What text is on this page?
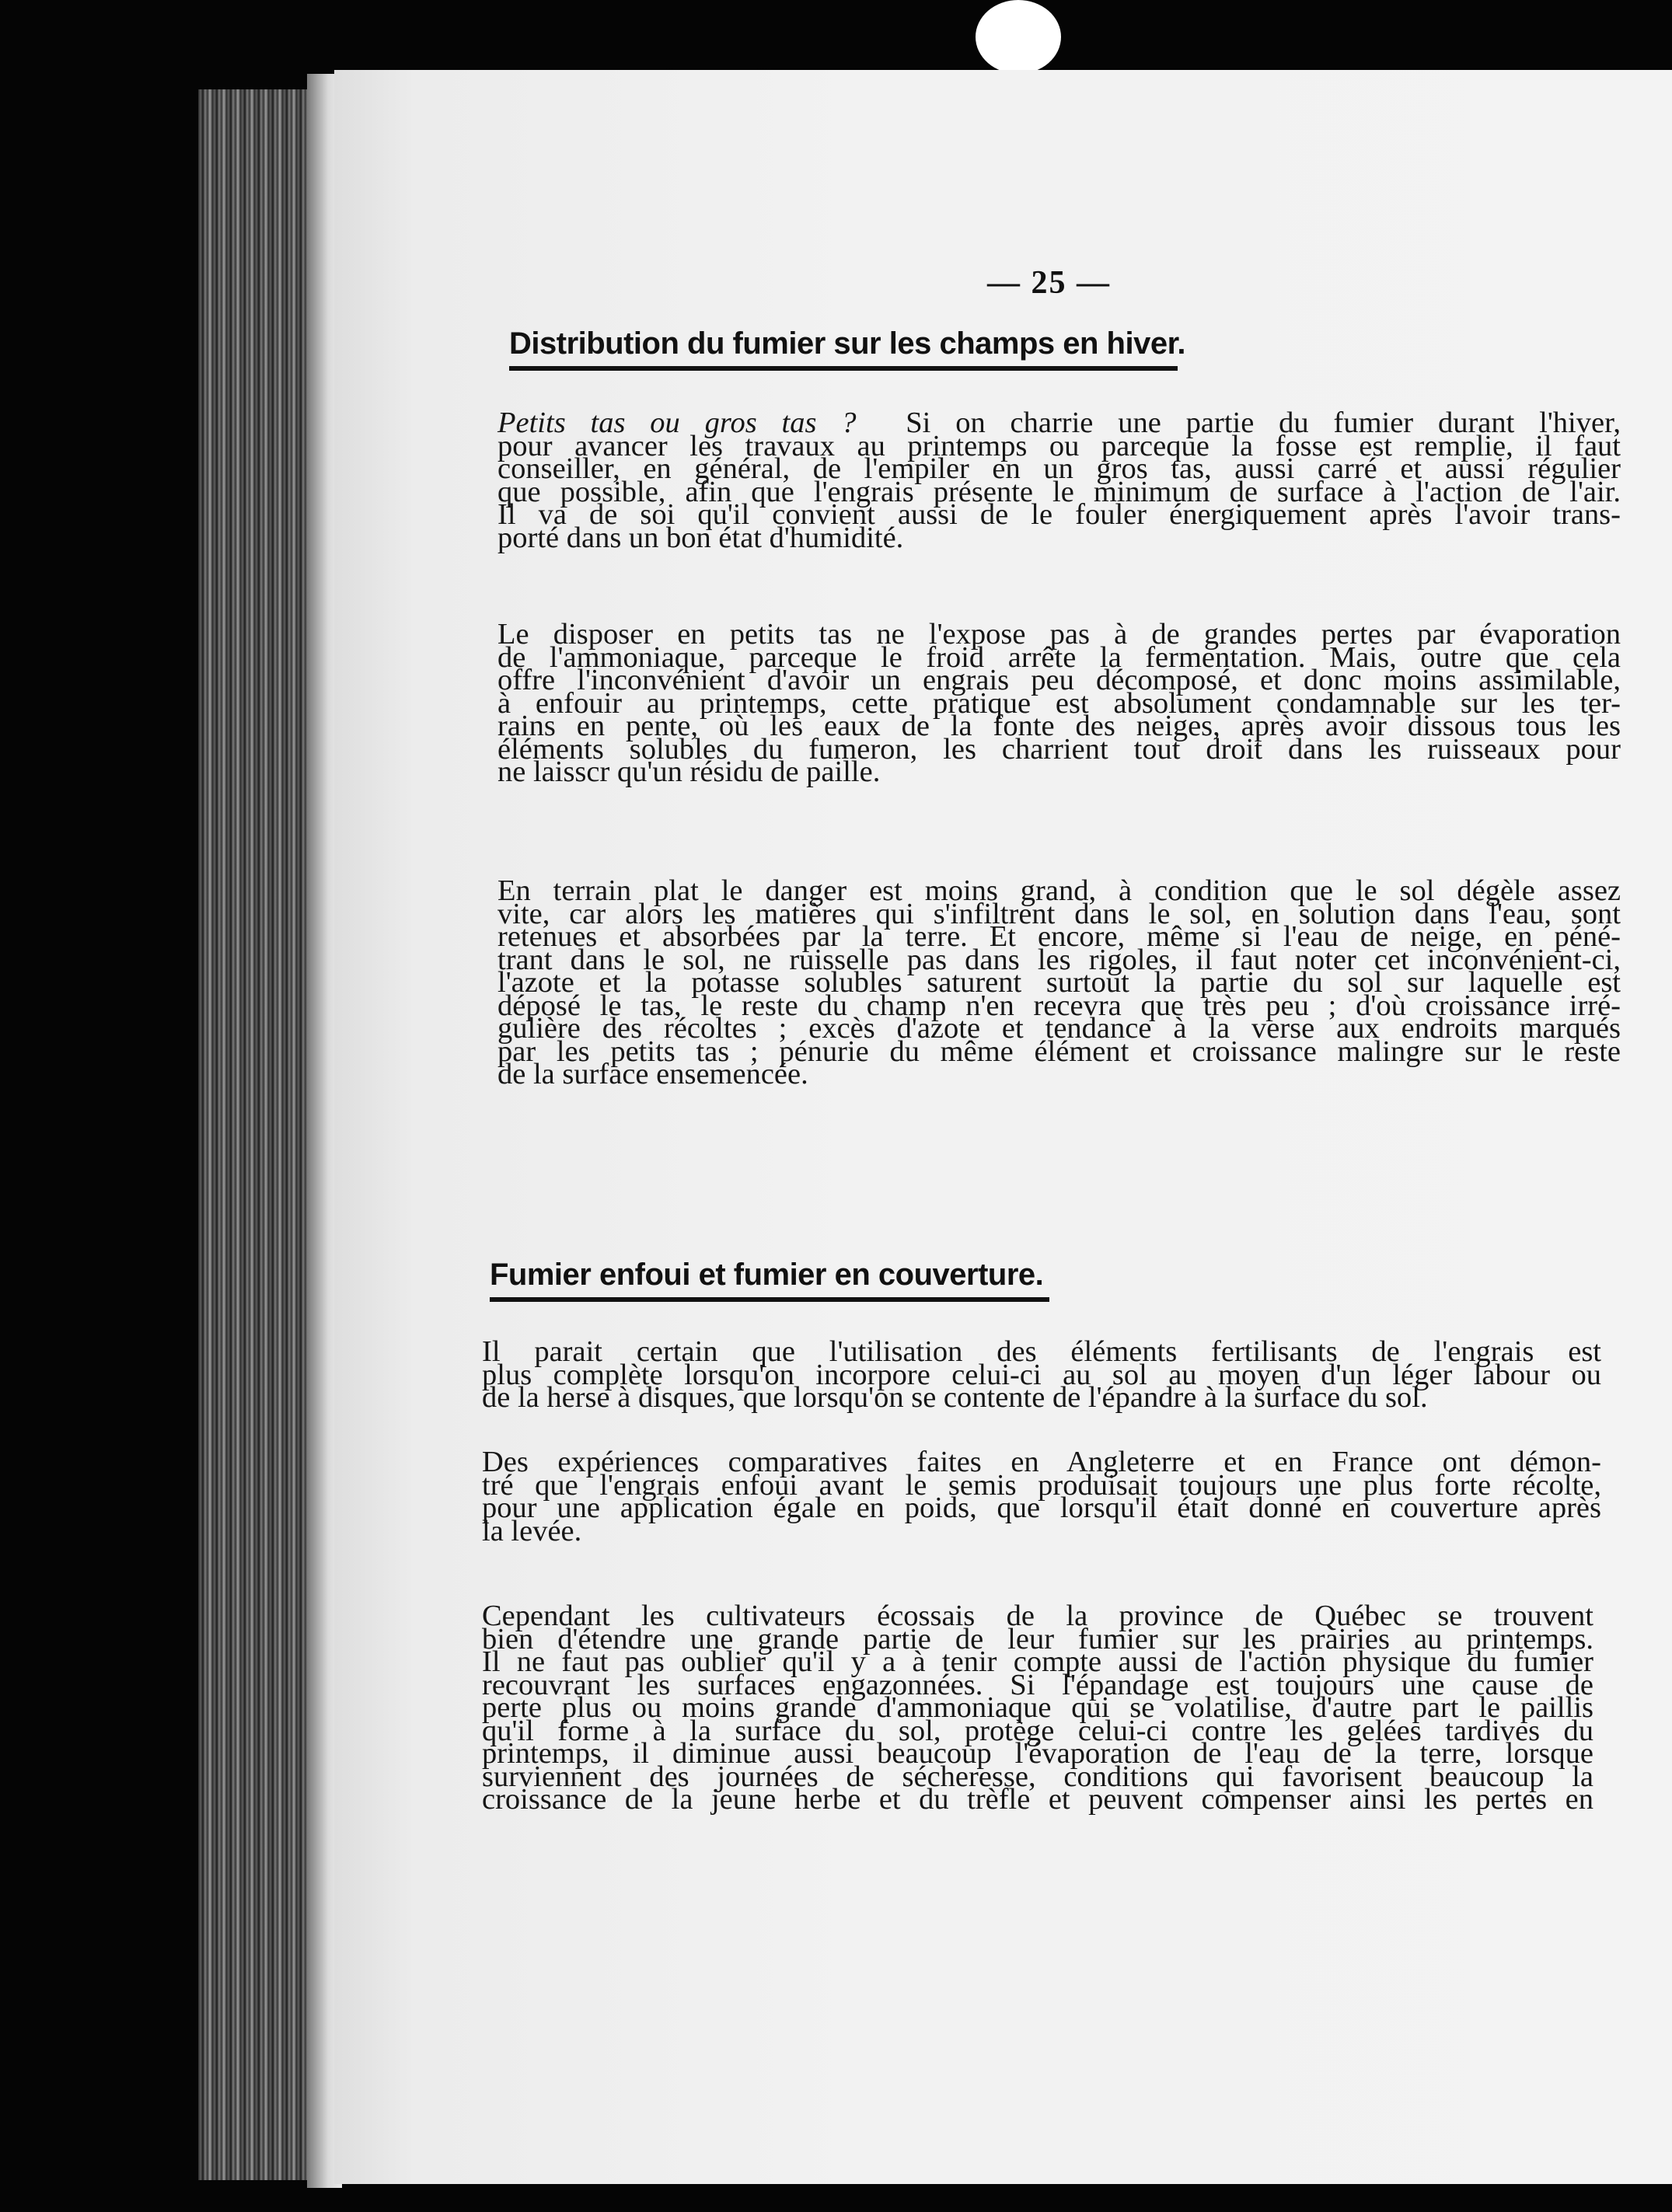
— 25 —
Distribution du fumier sur les champs en hiver.
Petits tas ou gros tas ?  Si on charrie une partie du fumier durant l'hiver,
pour avancer les travaux au printemps ou parceque la fosse est remplie, il faut
conseiller, en général, de l'empiler en un gros tas, aussi carré et aussi régulier
que possible, afin que l'engrais présente le minimum de surface à l'action de l'air.
Il va de soi qu'il convient aussi de le fouler énergiquement après l'avoir trans-
porté dans un bon état d'humidité.
Le disposer en petits tas ne l'expose pas à de grandes pertes par évaporation
de l'ammoniaque, parceque le froid arrête la fermentation. Mais, outre que cela
offre l'inconvénient d'avoir un engrais peu décomposé, et donc moins assimilable,
à enfouir au printemps, cette pratique est absolument condamnable sur les ter-
rains en pente, où les eaux de la fonte des neiges, après avoir dissous tous les
éléments solubles du fumeron, les charrient tout droit dans les ruisseaux pour
ne laisscr qu'un résidu de paille.
En terrain plat le danger est moins grand, à condition que le sol dégèle assez
vite, car alors les matières qui s'infiltrent dans le sol, en solution dans l'eau, sont
retenues et absorbées par la terre. Et encore, même si l'eau de neige, en péné-
trant dans le sol, ne ruisselle pas dans les rigoles, il faut noter cet inconvénient-ci,
l'azote et la potasse solubles saturent surtout la partie du sol sur laquelle est
déposé le tas, le reste du champ n'en recevra que très peu ; d'où croissance irré-
gulière des récoltes ; excès d'azote et tendance à la verse aux endroits marqués
par les petits tas ; pénurie du même élément et croissance malingre sur le reste
de la surface ensemencée.
Fumier enfoui et fumier en couverture.
Il parait certain que l'utilisation des éléments fertilisants de l'engrais est
plus complète lorsqu'on incorpore celui-ci au sol au moyen d'un léger labour ou
de la herse à disques, que lorsqu'on se contente de l'épandre à la surface du sol.
Des expériences comparatives faites en Angleterre et en France ont démon-
tré que l'engrais enfoui avant le semis produisait toujours une plus forte récolte,
pour une application égale en poids, que lorsqu'il était donné en couverture après
la levée.
Cependant les cultivateurs écossais de la province de Québec se trouvent
bien d'étendre une grande partie de leur fumier sur les prairies au printemps.
Il ne faut pas oublier qu'il y a à tenir compte aussi de l'action physique du fumier
recouvrant les surfaces engazonnées. Si l'épandage est toujours une cause de
perte plus ou moins grande d'ammoniaque qui se volatilise, d'autre part le paillis
qu'il forme à la surface du sol, protège celui-ci contre les gelées tardives du
printemps, il diminue aussi beaucoup l'évaporation de l'eau de la terre, lorsque
surviennent des journées de sécheresse, conditions qui favorisent beaucoup la
croissance de la jeune herbe et du trèfle et peuvent compenser ainsi les pertes en
